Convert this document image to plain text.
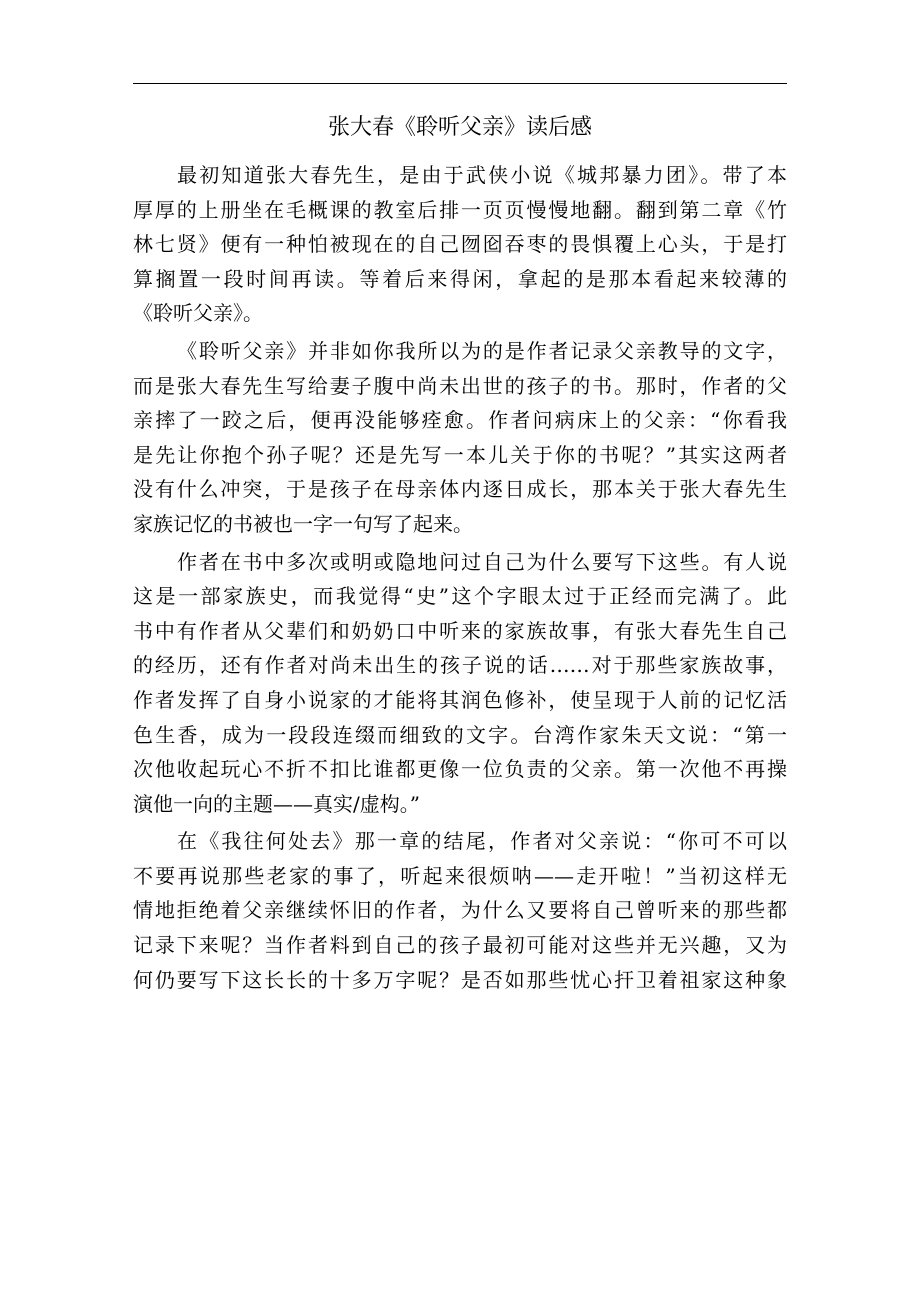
张大春《聆听父亲》读后感
最初知道张大春先生，是由于武侠小说《城邦暴力团》。带了本
厚厚的上册坐在毛概课的教室后排一页页慢慢地翻。翻到第二章《竹
林七贤》便有一种怕被现在的自己囫囵吞枣的畏惧覆上心头，于是打
算搁置一段时间再读。等着后来得闲，拿起的是那本看起来较薄的
《聆听父亲》。
《聆听父亲》并非如你我所以为的是作者记录父亲教导的文字，
而是张大春先生写给妻子腹中尚未出世的孩子的书。那时，作者的父
亲摔了一跤之后，便再没能够痊愈。作者问病床上的父亲：“你看我
是先让你抱个孙子呢？还是先写一本儿关于你的书呢？”其实这两者
没有什么冲突，于是孩子在母亲体内逐日成长，那本关于张大春先生
家族记忆的书被也一字一句写了起来。
作者在书中多次或明或隐地问过自己为什么要写下这些。有人说
这是一部家族史，而我觉得“史”这个字眼太过于正经而完满了。此
书中有作者从父辈们和奶奶口中听来的家族故事，有张大春先生自己
的经历，还有作者对尚未出生的孩子说的话……对于那些家族故事，
作者发挥了自身小说家的才能将其润色修补，使呈现于人前的记忆活
色生香，成为一段段连缀而细致的文字。台湾作家朱天文说：“第一
次他收起玩心不折不扣比谁都更像一位负责的父亲。第一次他不再操
演他一向的主题——真实/虚构。”
在《我往何处去》那一章的结尾，作者对父亲说：“你可不可以
不要再说那些老家的事了，听起来很烦呐——走开啦！”当初这样无
情地拒绝着父亲继续怀旧的作者，为什么又要将自己曾听来的那些都
记录下来呢？当作者料到自己的孩子最初可能对这些并无兴趣，又为
何仍要写下这长长的十多万字呢？是否如那些忧心扞卫着祖家这种象
